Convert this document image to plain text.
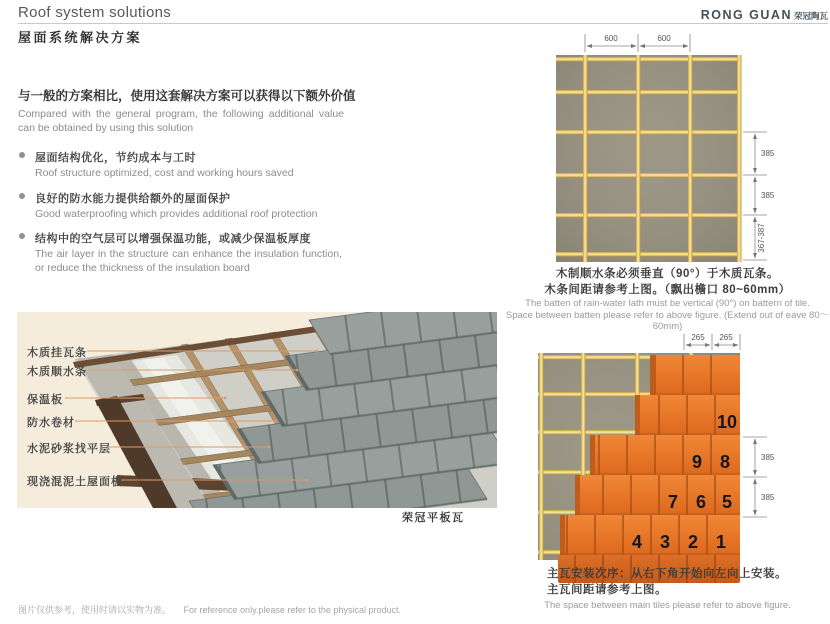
Roof system solutions	RONG GUAN 荣冠陶瓦
屋面系统解决方案
与一般的方案相比，使用这套解决方案可以获得以下额外价值
Compared with the general program, the following additional value can be obtained by using this solution
屋面结构优化，节约成本与工时
Roof structure optimized, cost and working hours saved
良好的防水能力提供给额外的屋面保护
Good waterproofing which provides additional roof protection
结构中的空气层可以增强保温功能，或减少保温板厚度
The air layer in the structure can enhance the insulation function, or reduce the thickness of the insulation board
木质挂瓦条
木质顺水条
保温板
防水卷材
水泥砂浆找平层
现浇混泥土屋面板
荣冠平板瓦
600	600
385
385
367-387
木制顺水条必须垂直（90°）于木质瓦条。
木条间距请参考上图。（飘出檐口 80~60mm）
The batten of rain-water lath must be vertical (90°) on battern of tile.
Space between batten please refer to above figure. (Extend out of eave 80～60mm)
10
9 8
7 6 5
4 3 2 1
265 265
385
385
主瓦安装次序：从右下角开始向左向上安装。
主瓦间距请参考上图。
The space between main tiles please refer to above figure.
图片仅供参考，使用时请以实物为准。 For reference only.please refer to the physical product.
